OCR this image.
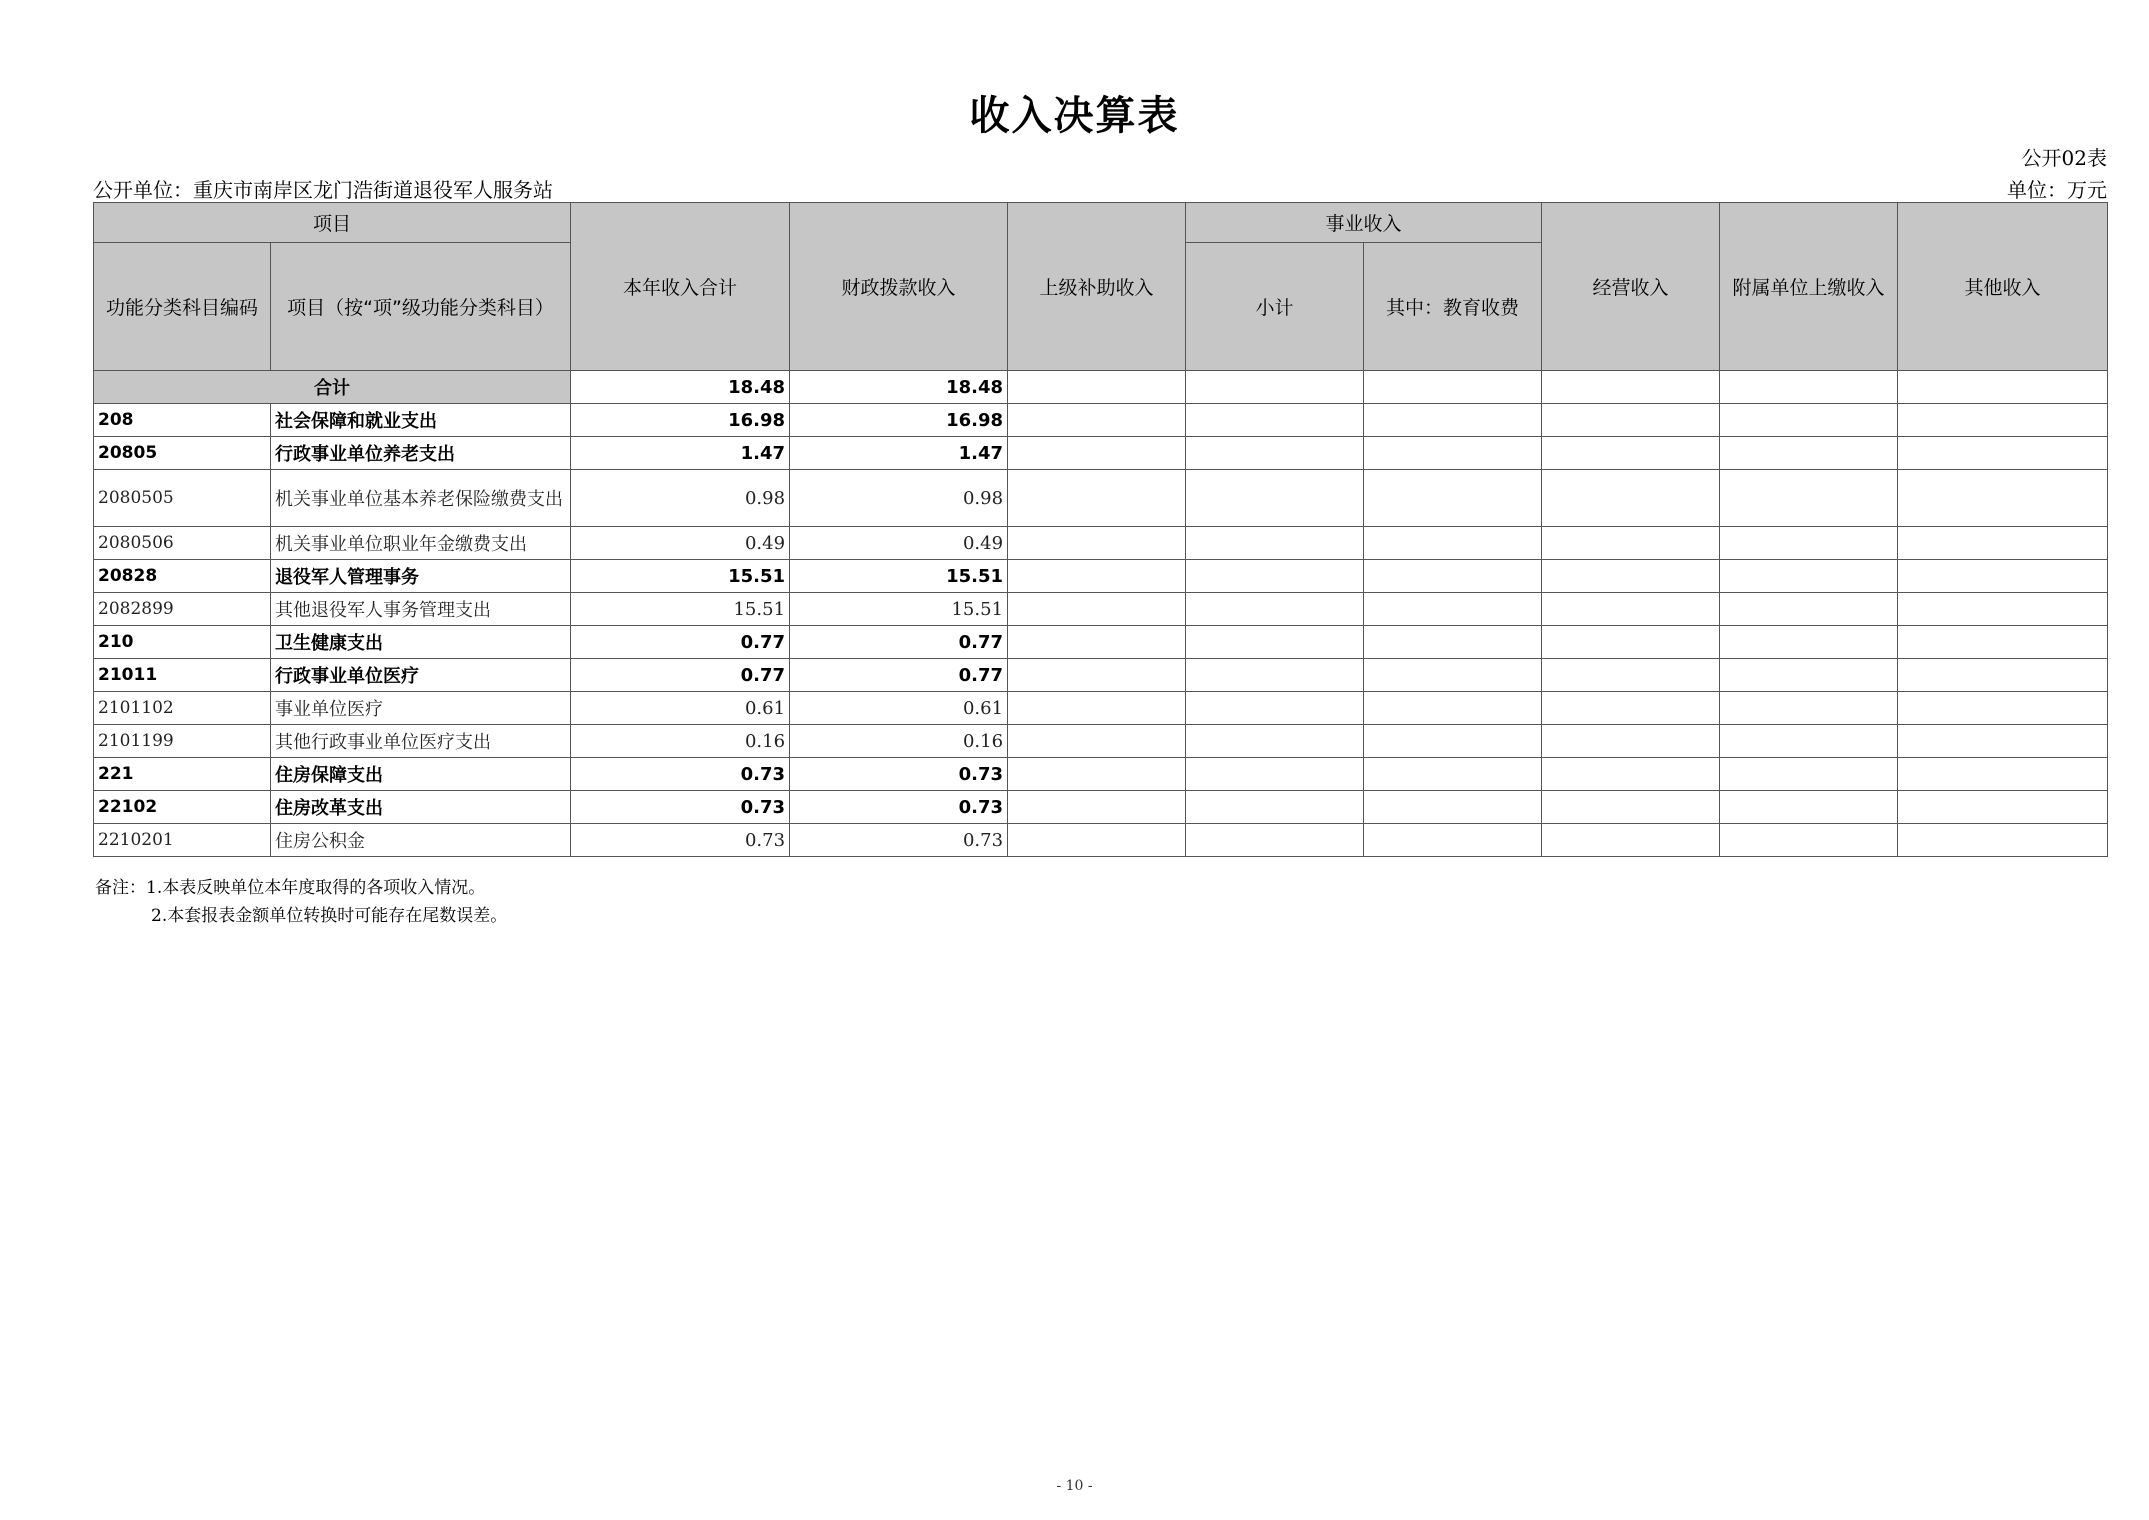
收入决算表
公开02表
公开单位：重庆市南岸区龙门浩街道退役军人服务站	单位：万元
项目		本年收入合计	财政拨款收入	上级补助收入	事业收入		经营收入	附属单位上缴收入	其他收入
功能分类科目编码	项目（按“项”级功能分类科目）				小计	其中：教育收费			
合计		18.48	18.48						
208	社会保障和就业支出	16.98	16.98						
20805	行政事业单位养老支出	1.47	1.47						
2080505	机关事业单位基本养老保险缴费支出	0.98	0.98						
2080506	机关事业单位职业年金缴费支出	0.49	0.49						
20828	退役军人管理事务	15.51	15.51						
2082899	其他退役军人事务管理支出	15.51	15.51						
210	卫生健康支出	0.77	0.77						
21011	行政事业单位医疗	0.77	0.77						
2101102	事业单位医疗	0.61	0.61						
2101199	其他行政事业单位医疗支出	0.16	0.16						
221	住房保障支出	0.73	0.73						
22102	住房改革支出	0.73	0.73						
2210201	住房公积金	0.73	0.73						
备注：1.本表反映单位本年度取得的各项收入情况。
2.本套报表金额单位转换时可能存在尾数误差。
- 10 -
